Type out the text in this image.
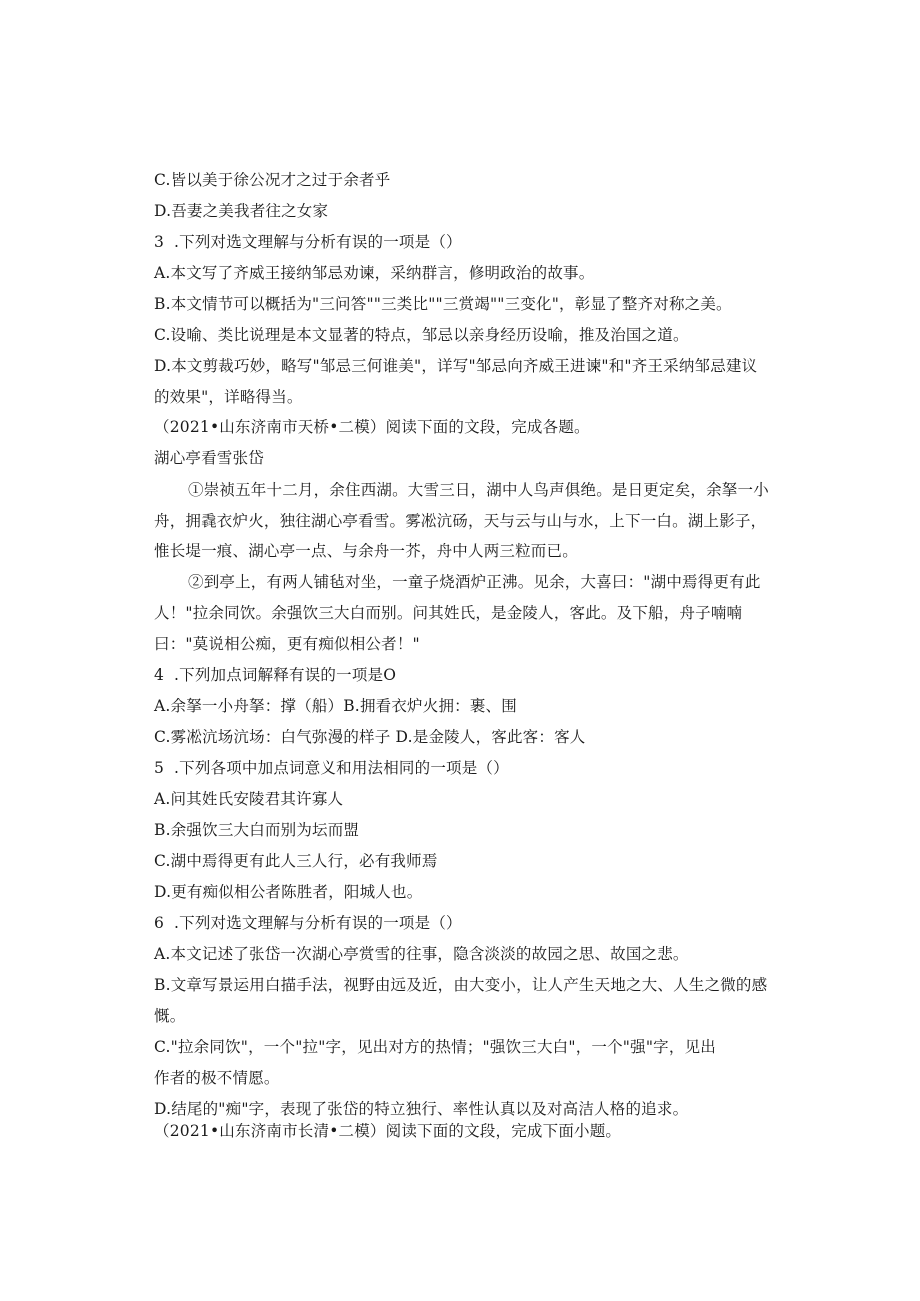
C.皆以美于徐公况才之过于余者乎
D.吾妻之美我者往之女家
3 .下列对选文理解与分析有误的一项是（）
A.本文写了齐威王接纳邹忌劝谏，采纳群言，修明政治的故事。
B.本文情节可以概括为"三问答""三类比""三赏竭""三变化"，彰显了整齐对称之美。
C.设喻、类比说理是本文显著的特点，邹忌以亲身经历设喻，推及治国之道。
D.本文剪裁巧妙，略写"邹忌三何谁美"，详写"邹忌向齐威王进谏"和"齐王采纳邹忌建议
的效果"，详略得当。
（2021•山东济南市天桥•二模）阅读下面的文段，完成各题。
湖心亭看雪张岱
①崇祯五年十二月，余住西湖。大雪三日，湖中人鸟声俱绝。是日更定矣，余拏一小
舟，拥毳衣炉火，独往湖心亭看雪。雾凇沆砀，天与云与山与水，上下一白。湖上影子，
惟长堤一痕、湖心亭一点、与余舟一芥，舟中人两三粒而已。
②到亭上，有两人铺毡对坐，一童子烧酒炉正沸。见余，大喜曰："湖中焉得更有此
人！"拉余同饮。余强饮三大白而别。问其姓氏，是金陵人，客此。及下船，舟子喃喃
曰："莫说相公痴，更有痴似相公者！"
4 .下列加点词解释有误的一项是O
A.余拏一小舟拏：撑（船）B.拥看衣炉火拥：裹、围
C.雾凇沆场沆场：白气弥漫的样子 D.是金陵人，客此客：客人
5 .下列各项中加点词意义和用法相同的一项是（）
A.问其姓氏安陵君其许寡人
B.余强饮三大白而别为坛而盟
C.湖中焉得更有此人三人行，必有我师焉
D.更有痴似相公者陈胜者，阳城人也。
6 .下列对选文理解与分析有误的一项是（）
A.本文记述了张岱一次湖心亭赏雪的往事，隐含淡淡的故园之思、故国之悲。
B.文章写景运用白描手法，视野由远及近，由大变小，让人产生天地之大、人生之微的感
慨。
C."拉余同饮"，一个"拉"字，见出对方的热情；"强饮三大白"，一个"强"字，见出
作者的极不情愿。
D.结尾的"痴"字，表现了张岱的特立独行、率性认真以及对高洁人格的追求。
（2021•山东济南市长清•二模）阅读下面的文段，完成下面小题。
